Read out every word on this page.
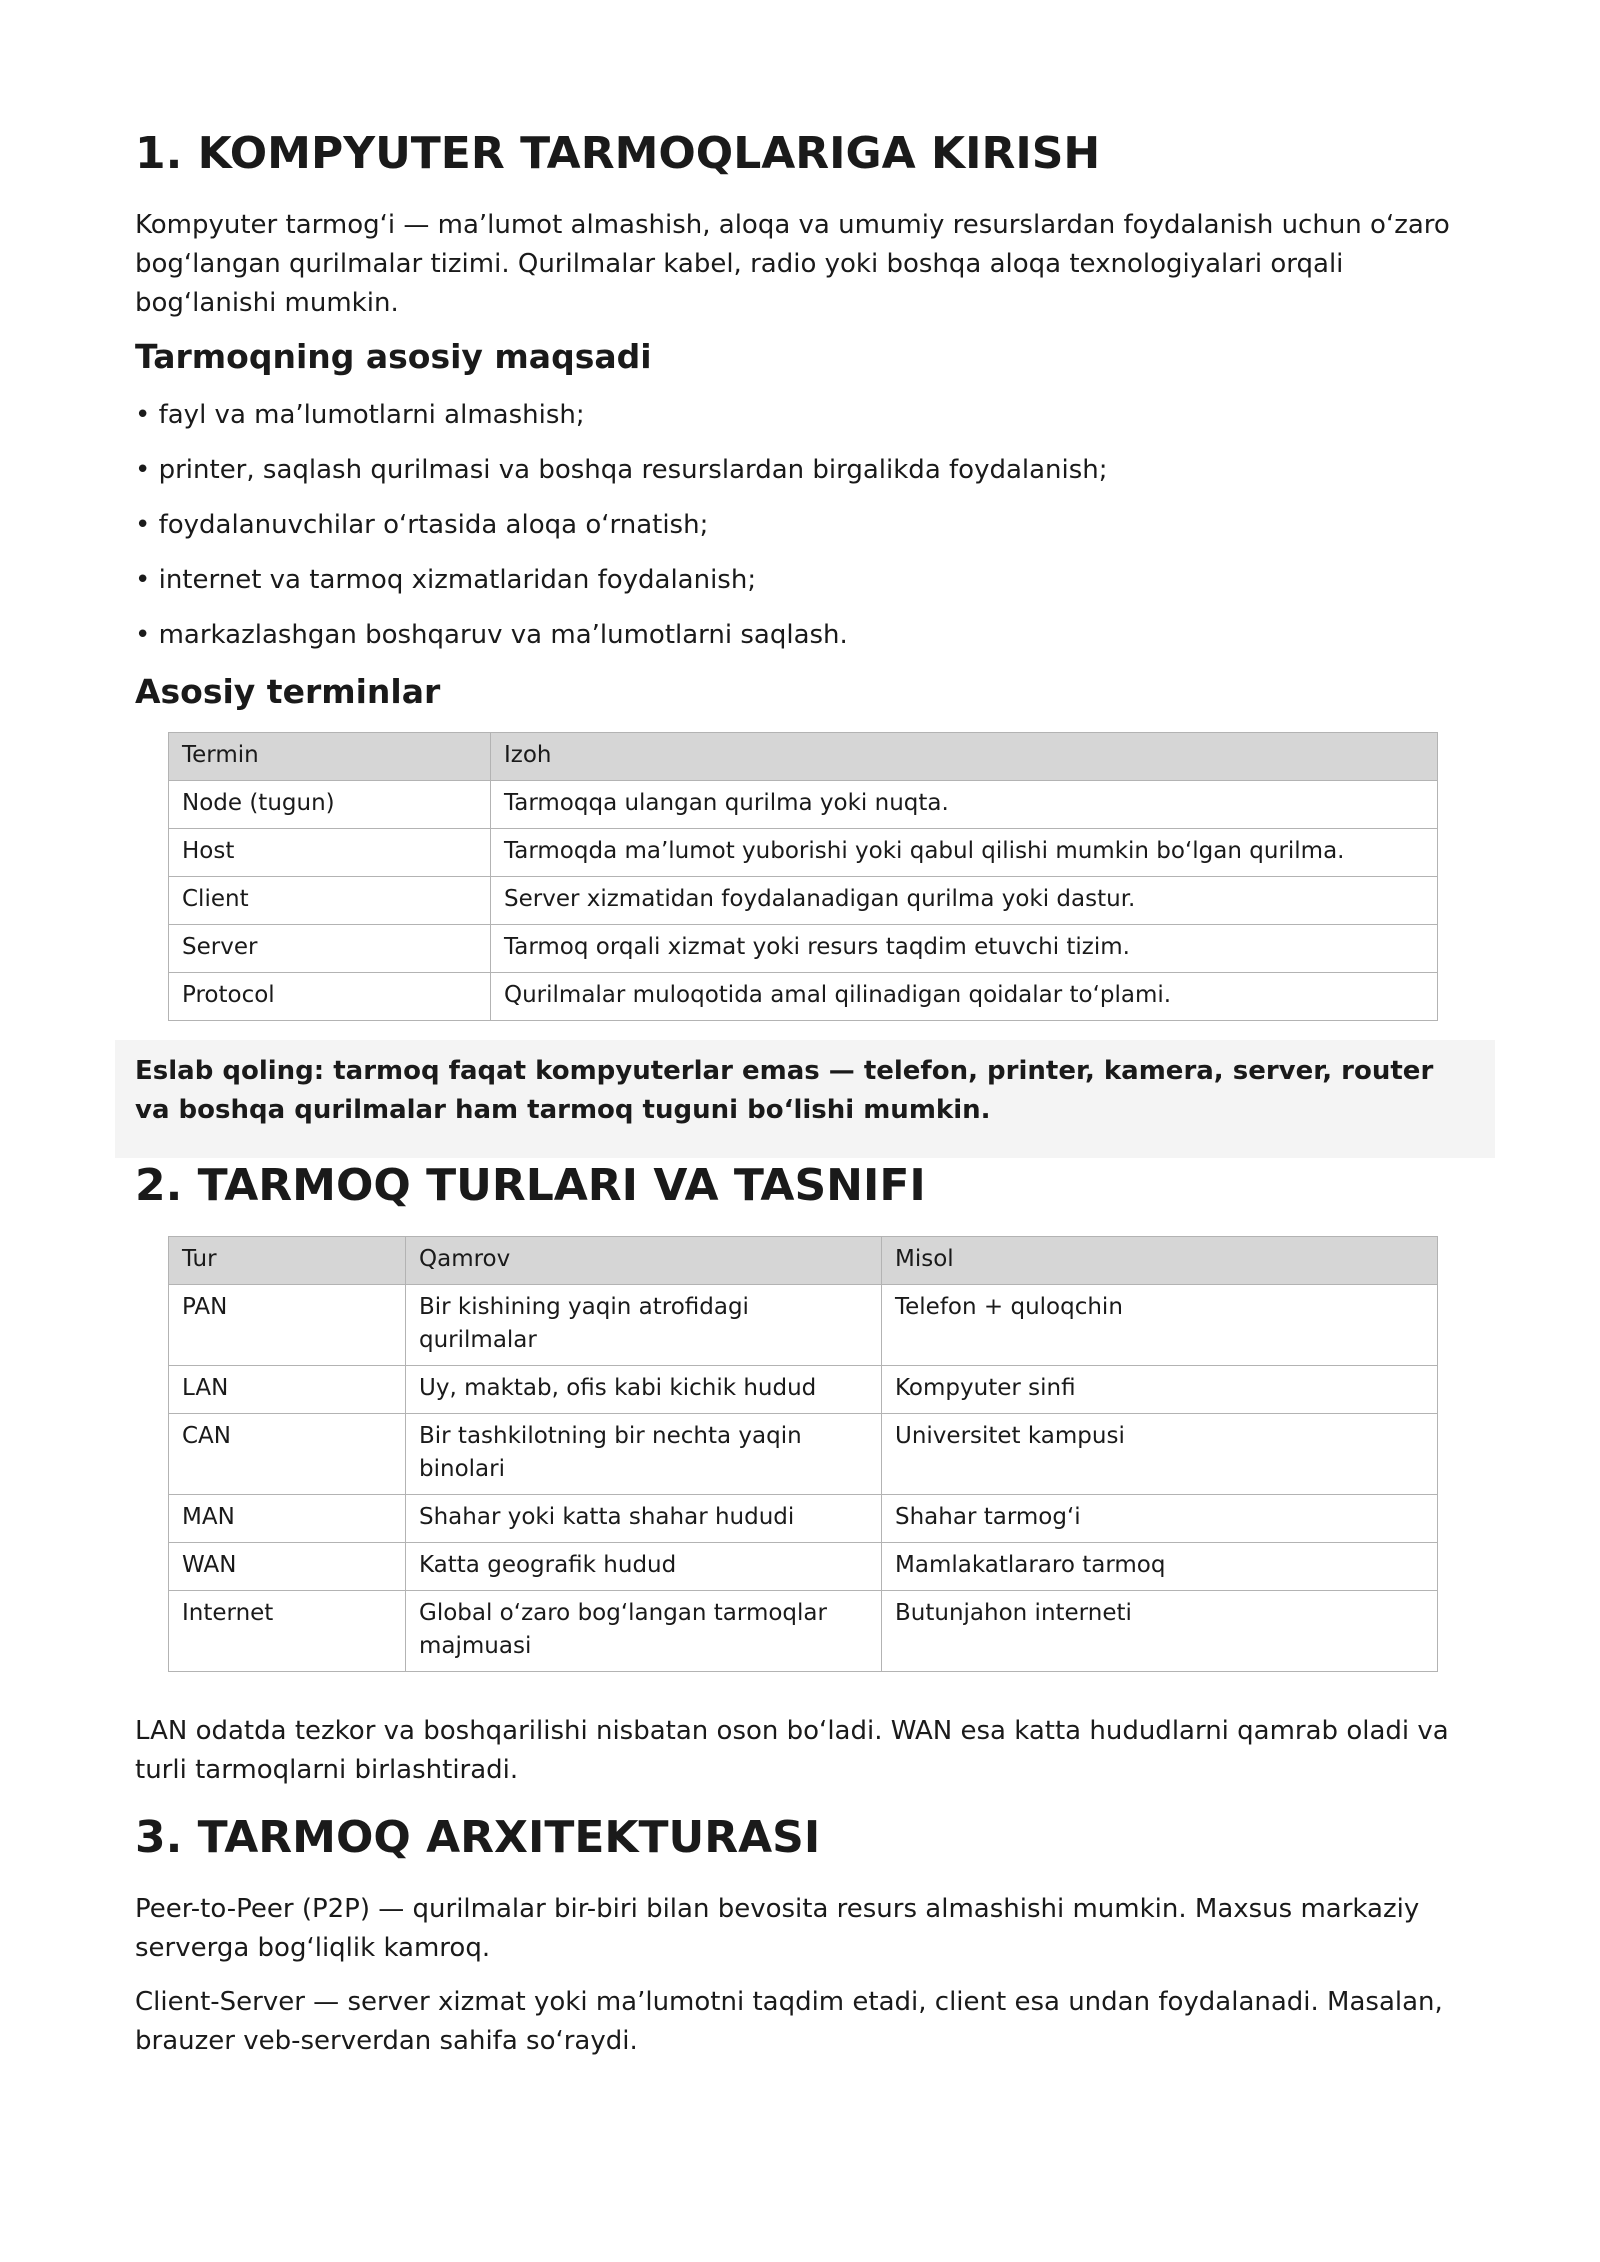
Eslab qoling: tarmoq faqat kompyuterlar emas — telefon, printer, kamera, server, router va boshqa qurilmalar ham tarmoq tuguni bo‘lishi mumkin.

1. KOMPYUTER TARMOQLARIGA KIRISH

Kompyuter tarmog‘i — ma’lumot almashish, aloqa va umumiy resurslardan foydalanish uchun o‘zaro bog‘langan qurilmalar tizimi. Qurilmalar kabel, radio yoki boshqa aloqa texnologiyalari orqali bog‘lanishi mumkin.

Tarmoqning asosiy maqsadi

• fayl va ma’lumotlarni almashish;

• printer, saqlash qurilmasi va boshqa resurslardan birgalikda foydalanish;

• foydalanuvchilar o‘rtasida aloqa o‘rnatish;

• internet va tarmoq xizmatlaridan foydalanish;

• markazlashgan boshqaruv va ma’lumotlarni saqlash.

Asosiy terminlar
Termin	Izoh
Node (tugun)	Tarmoqqa ulangan qurilma yoki nuqta.
Host	Tarmoqda ma’lumot yuborishi yoki qabul qilishi mumkin bo‘lgan qurilma.
Client	Server xizmatidan foydalanadigan qurilma yoki dastur.
Server	Tarmoq orqali xizmat yoki resurs taqdim etuvchi tizim.
Protocol	Qurilmalar muloqotida amal qilinadigan qoidalar to‘plami.
2. TARMOQ TURLARI VA TASNIFI
Tur	Qamrov	Misol
PAN	Bir kishining yaqin atrofidagi qurilmalar	Telefon + quloqchin
LAN	Uy, maktab, ofis kabi kichik hudud	Kompyuter sinfi
CAN	Bir tashkilotning bir nechta yaqin binolari	Universitet kampusi
MAN	Shahar yoki katta shahar hududi	Shahar tarmog‘i
WAN	Katta geografik hudud	Mamlakatlararo tarmoq
Internet	Global o‘zaro bog‘langan tarmoqlar majmuasi	Butunjahon interneti

LAN odatda tezkor va boshqarilishi nisbatan oson bo‘ladi. WAN esa katta hududlarni qamrab oladi va turli tarmoqlarni birlashtiradi.

3. TARMOQ ARXITEKTURASI

Peer-to-Peer (P2P) — qurilmalar bir-biri bilan bevosita resurs almashishi mumkin. Maxsus markaziy serverga bog‘liqlik kamroq.

Client-Server — server xizmat yoki ma’lumotni taqdim etadi, client esa undan foydalanadi. Masalan, brauzer veb-serverdan sahifa so‘raydi.
